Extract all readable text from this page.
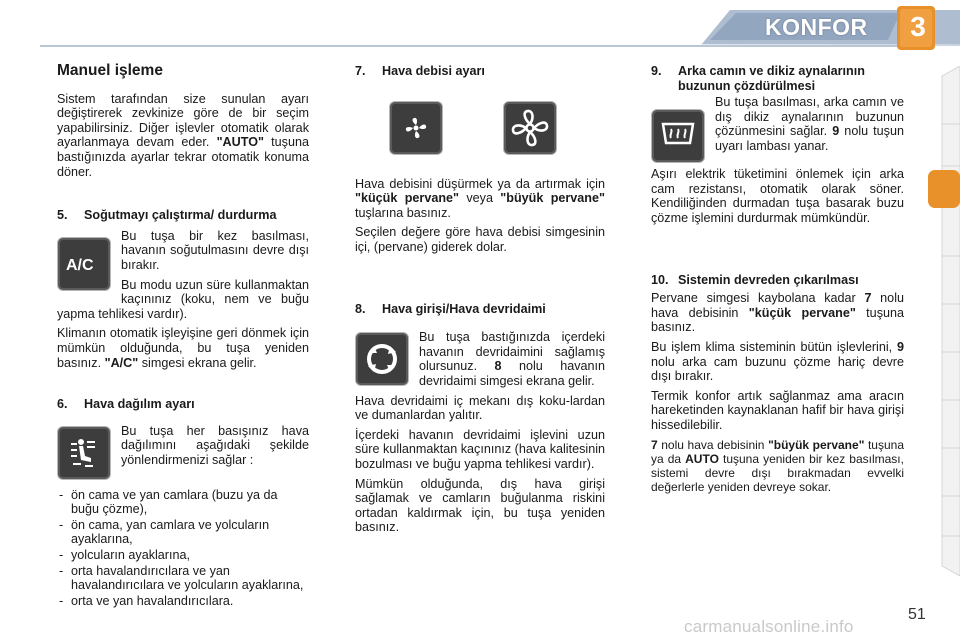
KONFOR 3
Manuel işleme

Sistem tarafından size sunulan ayarı değiştirerek zevkinize göre de bir seçim yapabilirsiniz. Diğer işlevler otomatik olarak ayarlanmaya devam eder. "AUTO" tuşuna bastığınızda ayarlar tekrar otomatik konuma döner.

5.	Soğutmayı çalıştırma/ durdurma
A/C

Bu tuşa bir kez basılması, havanın soğutulmasını devre dışı bırakır.

Bu modu uzun süre kullanmaktan kaçınınız (koku, nem ve buğu yapma tehlikesi vardır).

Klimanın otomatik işleyişine geri dönmek için mümkün olduğunda, bu tuşa yeniden basınız. "A/C" simgesi ekrana gelir.

6.	Hava dağılım ayarı

Bu tuşa her basışınız hava dağılımını aşağıdaki şekilde yönlendirmenizi sağlar :

- ön cama ve yan camlara (buzu ya da buğu çözme),
- ön cama, yan camlara ve yolcuların ayaklarına,
- yolcuların ayaklarına,
- orta havalandırıcılara ve yan havalandırıcılara ve yolcuların ayaklarına,
- orta ve yan havalandırıcılara.
7.	Hava debisi ayarı

Hava debisini düşürmek ya da artırmak için "küçük pervane" veya "büyük pervane" tuşlarına basınız.

Seçilen değere göre hava debisi simgesinin içi, (pervane) giderek dolar.

8.	Hava girişi/Hava devridaimi

Bu tuşa bastığınızda içerdeki havanın devridaimini sağlamış olursunuz. 8 nolu havanın devridaimi simgesi ekrana gelir.

Hava devridaimi iç mekanı dış koku-lardan ve dumanlardan yalıtır.

İçerdeki havanın devridaimi işlevini uzun süre kullanmaktan kaçınınız (hava kalitesinin bozulması ve buğu yapma tehlikesi vardır).

Mümkün olduğunda, dış hava girişi sağlamak ve camların buğulanma riskini ortadan kaldırmak için, bu tuşa yeniden basınız.

9.	Arka camın ve dikiz aynalarının buzunun çözdürülmesi

Bu tuşa basılması, arka camın ve dış dikiz aynalarının buzunun çözünmesini sağlar. 9 nolu tuşun uyarı lambası yanar.

Aşırı elektrik tüketimini önlemek için arka cam rezistansı, otomatik olarak söner. Kendiliğinden durmadan tuşa basarak buzu çözme işlemini durdurmak mümkündür.

10. Sistemin devreden çıkarılması

Pervane simgesi kaybolana kadar 7 nolu hava debisinin "küçük pervane" tuşuna basınız.

Bu işlem klima sisteminin bütün işlevlerini, 9 nolu arka cam buzunu çözme hariç devre dışı bırakır.

Termik konfor artık sağlanmaz ama aracın hareketinden kaynaklanan hafif bir hava girişi hissedilebilir.

7 nolu hava debisinin "büyük pervane" tuşuna ya da AUTO tuşuna yeniden bir kez basılması, sistemi devre dışı bırakmadan evvelki değerlerle yeniden devreye sokar.

51
carmanualsonline.info
